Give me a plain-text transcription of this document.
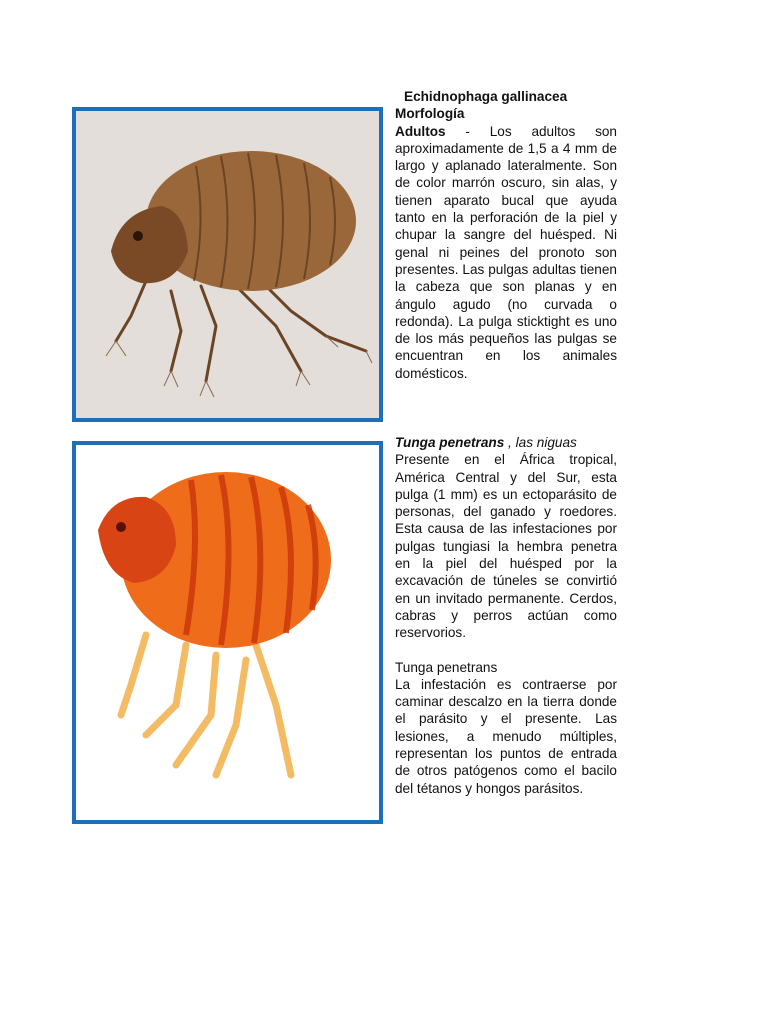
Echidnophaga gallinacea
Morfología
Adultos - Los adultos son aproximadamente de 1,5 a 4 mm de largo y aplanado lateralmente. Son de color marrón oscuro, sin alas, y tienen aparato bucal que ayuda tanto en la perforación de la piel y chupar la sangre del huésped. Ni genal ni peines del pronoto son presentes. Las pulgas adultas tienen la cabeza que son planas y en ángulo agudo (no curvada o redonda). La pulga sticktight es uno de los más pequeños las pulgas se encuentran en los animales domésticos.
Tunga penetrans , las niguas
Presente en el África tropical, América Central y del Sur, esta pulga (1 mm) es un ectoparásito de personas, del ganado y roedores. Esta causa de las infestaciones por pulgas tungiasi la hembra penetra en la piel del huésped por la excavación de túneles se convirtió en un invitado permanente. Cerdos, cabras y perros actúan como reservorios.
Tunga penetrans
La infestación es contraerse por caminar descalzo en la tierra donde el parásito y el presente. Las lesiones, a menudo múltiples, representan los puntos de entrada de otros patógenos como el bacilo del tétanos y hongos parásitos.
